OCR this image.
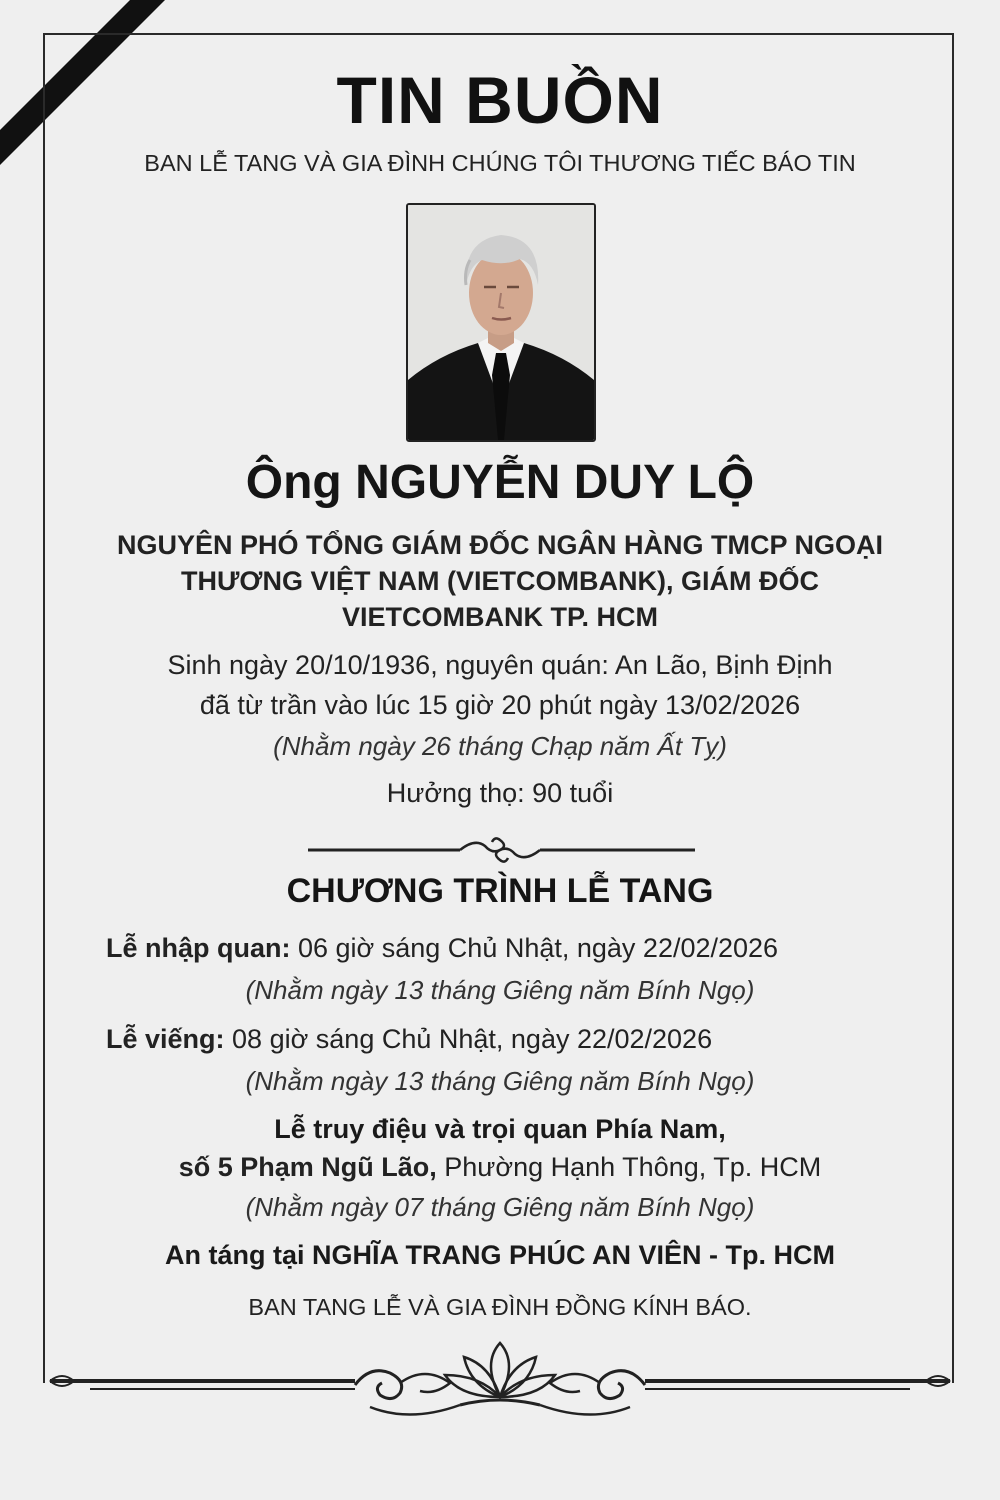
TIN BUỒN
BAN LỄ TANG VÀ GIA ĐÌNH CHÚNG TÔI THƯƠNG TIẾC BÁO TIN
Ông NGUYỄN DUY LỘ
NGUYÊN PHÓ TỔNG GIÁM ĐỐC NGÂN HÀNG TMCP NGOẠI
THƯƠNG VIỆT NAM (VIETCOMBANK), GIÁM ĐỐC
VIETCOMBANK TP. HCM
Sinh ngày 20/10/1936, nguyên quán: An Lão, Bịnh Định
đã từ trần vào lúc 15 giờ 20 phút ngày 13/02/2026
(Nhằm ngày 26 tháng Chạp năm Ất Tỵ)
Hưởng thọ: 90 tuổi
CHƯƠNG TRÌNH LỄ TANG
Lễ nhập quan: 06 giờ sáng Chủ Nhật, ngày 22/02/2026
(Nhằm ngày 13 tháng Giêng năm Bính Ngọ)
Lễ viếng: 08 giờ sáng Chủ Nhật, ngày 22/02/2026
(Nhằm ngày 13 tháng Giêng năm Bính Ngọ)
Lễ truy điệu và trọi quan Phía Nam,
số 5 Phạm Ngũ Lão, Phường Hạnh Thông, Tp. HCM
(Nhằm ngày 07 tháng Giêng năm Bính Ngọ)
An táng tại NGHĨA TRANG PHÚC AN VIÊN - Tp. HCM
BAN TANG LỄ VÀ GIA ĐÌNH ĐỒNG KÍNH BÁO.
